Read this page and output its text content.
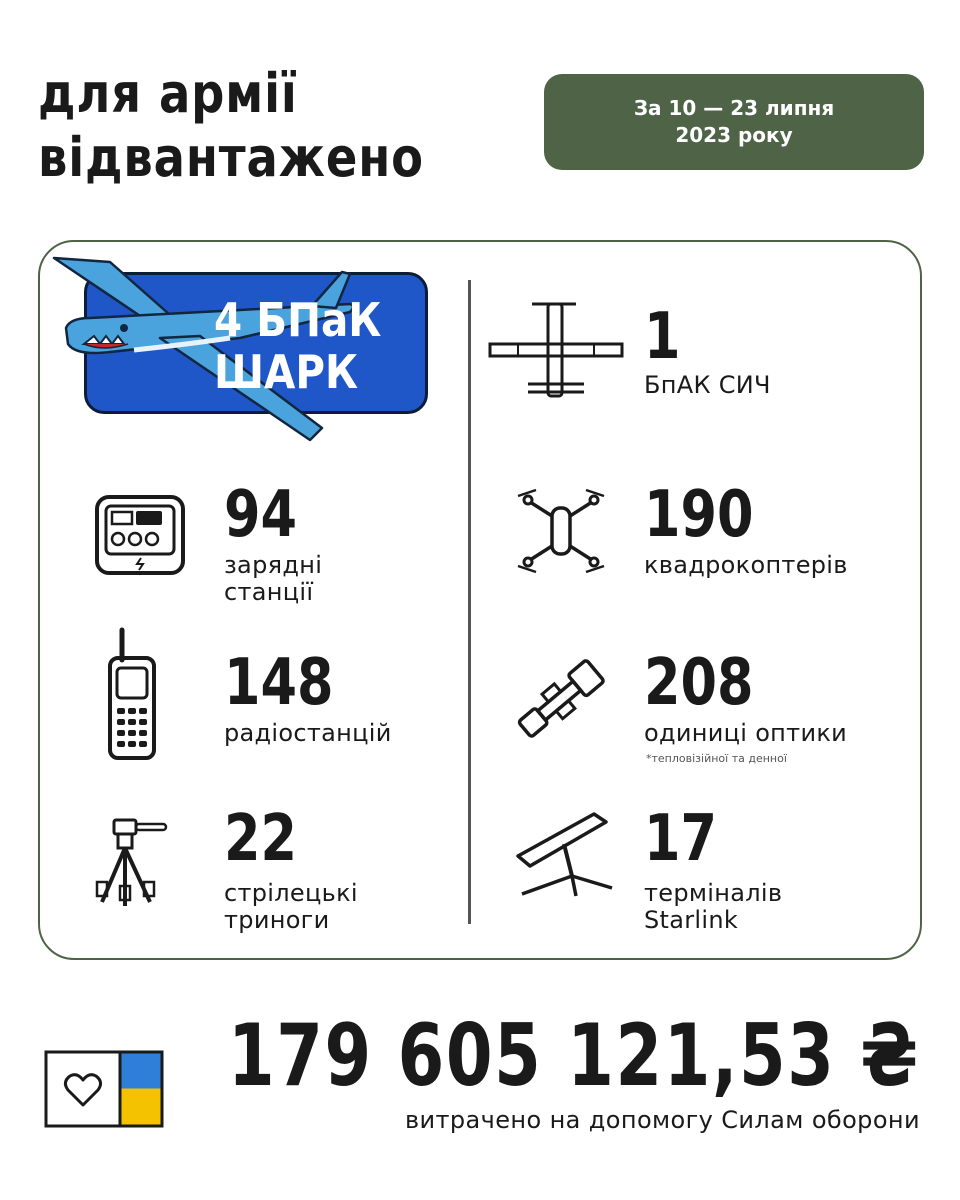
для армії
відвантажено
За 10 — 23 липня
2023 року
4 БПаК
ШАРК
94
зарядні
станції
148
радіостанцій
22
стрілецькі
триноги
1
БпАК СИЧ
190
квадрокоптерів
208
одиниці оптики
*тепловізійної та денної
17
терміналів
Starlink
179 605 121,53 ₴
витрачено на допомогу Силам оборони
